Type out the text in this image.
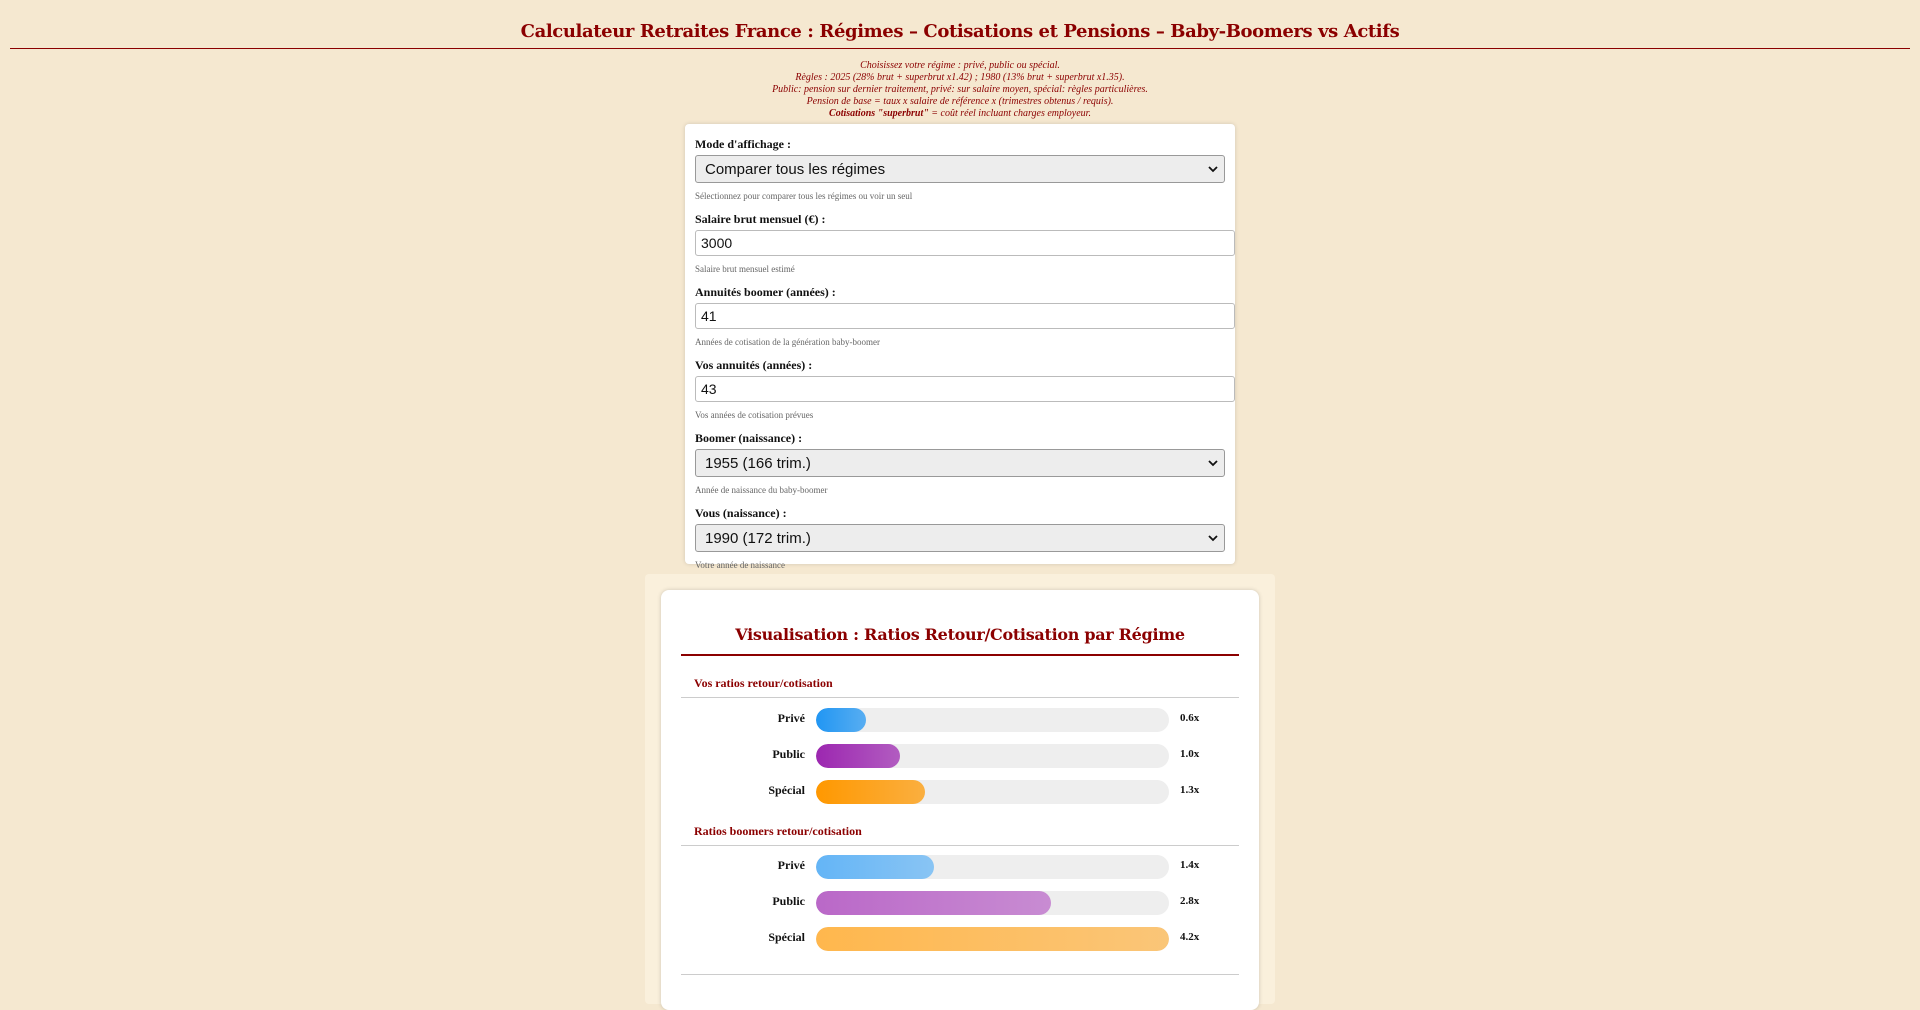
Calculateur Retraites France : Régimes – Cotisations et Pensions – Baby-Boomers vs Actifs
Choisissez votre régime : privé, public ou spécial.
Règles : 2025 (28% brut + superbrut x1.42) ; 1980 (13% brut + superbrut x1.35).
Public: pension sur dernier traitement, privé: sur salaire moyen, spécial: règles particulières.
Pension de base = taux x salaire de référence x (trimestres obtenus / requis).
Cotisations "superbrut" = coût réel incluant charges employeur.
Mode d'affichage :
Comparer tous les régimes
Sélectionnez pour comparer tous les régimes ou voir un seul
Salaire brut mensuel (€) :
3000
Salaire brut mensuel estimé
Annuités boomer (années) :
41
Années de cotisation de la génération baby-boomer
Vos annuités (années) :
43
Vos années de cotisation prévues
Boomer (naissance) :
1955 (166 trim.)
Année de naissance du baby-boomer
Vous (naissance) :
1990 (172 trim.)
Votre année de naissance
Visualisation : Ratios Retour/Cotisation par Régime
Vos ratios retour/cotisation
Privé	0.6x
Public	1.0x
Spécial	1.3x
Ratios boomers retour/cotisation
Privé	1.4x
Public	2.8x
Spécial	4.2x
